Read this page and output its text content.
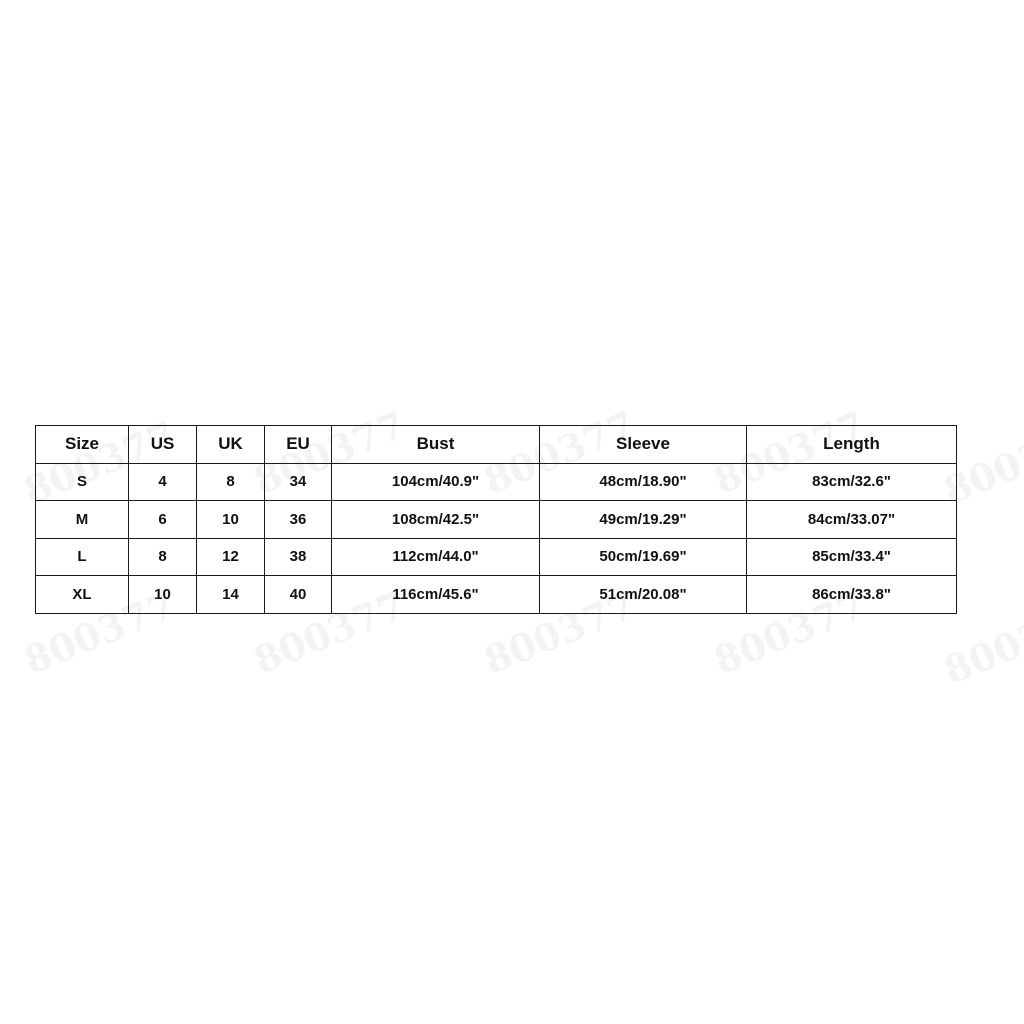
Size	US	UK	EU	Bust	Sleeve	Length
S	4	8	34	104cm/40.9"	48cm/18.90"	83cm/32.6"
M	6	10	36	108cm/42.5"	49cm/19.29"	84cm/33.07"
L	8	12	38	112cm/44.0"	50cm/19.69"	85cm/33.4"
XL	10	14	40	116cm/45.6"	51cm/20.08"	86cm/33.8"
